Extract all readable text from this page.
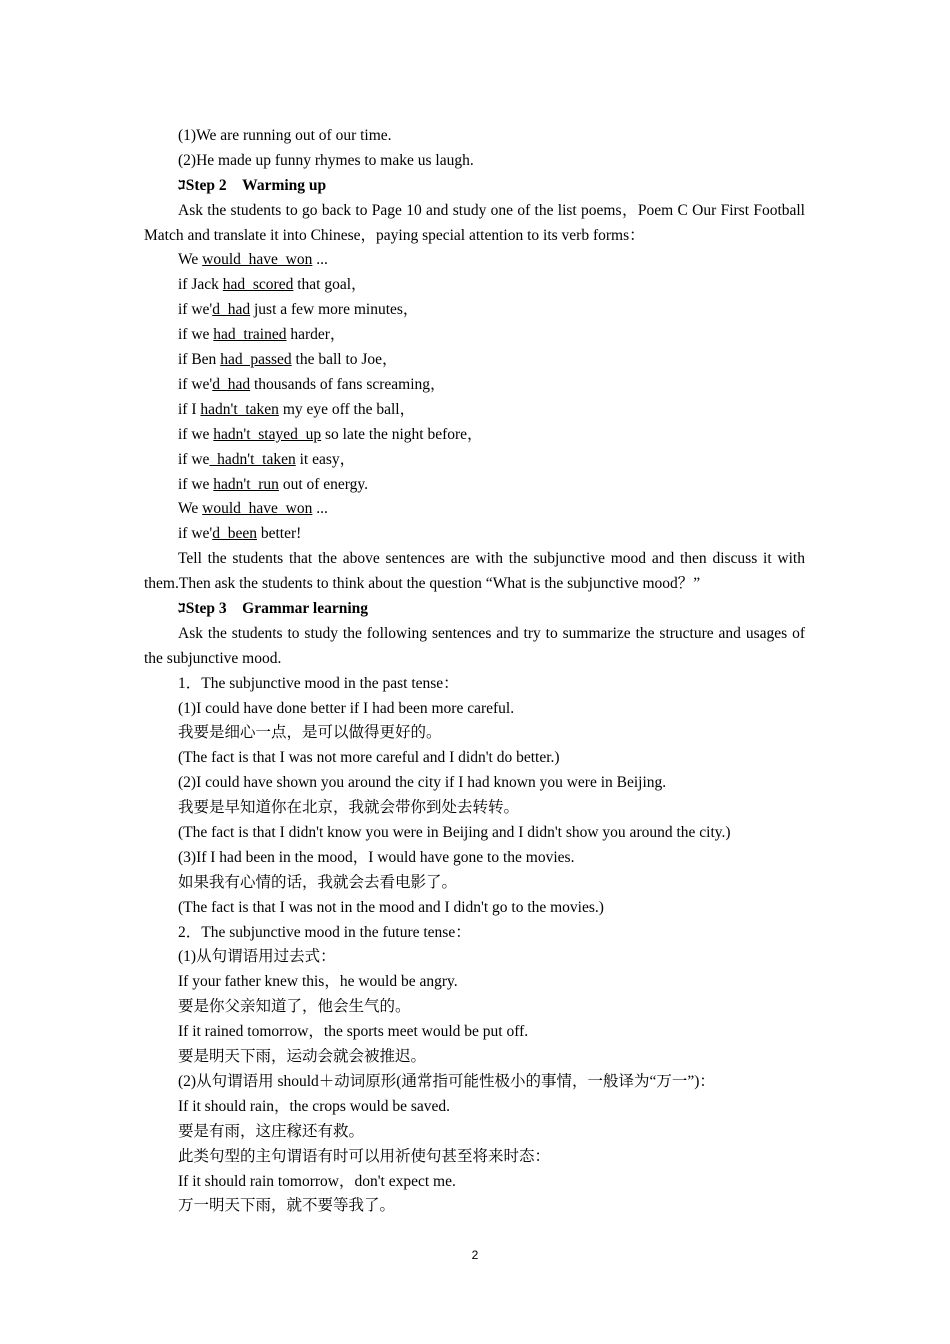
(1)We are running out of our time.
(2)He made up funny rhymes to make us laugh.
ｺStep 2　Warming up
Ask the students to go back to Page 10 and study one of the list poems，Poem C Our First Football Match and translate it into Chinese，paying special attention to its verb forms：
We would  have  won ...
if Jack had  scored that goal，
if we'd  had just a few more minutes，
if we had  trained harder，
if Ben had  passed the ball to Joe，
if we'd  had thousands of fans screaming，
if I hadn't  taken my eye off the ball，
if we hadn't  stayed  up so late the night before，
if we  hadn't  taken it easy，
if we hadn't  run out of energy.
We would  have  won ...
if we'd  been better!
Tell the students that the above sentences are with the subjunctive mood and then discuss it with them.Then ask the students to think about the question “What is the subjunctive mood？”
ｺStep 3　Grammar learning
Ask the students to study the following sentences and try to summarize the structure and usages of the subjunctive mood.
1．The subjunctive mood in the past tense：
(1)I could have done better if I had been more careful.
我要是细心一点，是可以做得更好的。
(The fact is that I was not more careful and I didn't do better.)
(2)I could have shown you around the city if I had known you were in Beijing.
我要是早知道你在北京，我就会带你到处去转转。
(The fact is that I didn't know you were in Beijing and I didn't show you around the city.)
(3)If I had been in the mood，I would have gone to the movies.
如果我有心情的话，我就会去看电影了。
(The fact is that I was not in the mood and I didn't go to the movies.)
2．The subjunctive mood in the future tense：
(1)从句谓语用过去式：
If your father knew this，he would be angry.
要是你父亲知道了，他会生气的。
If it rained tomorrow，the sports meet would be put off.
要是明天下雨，运动会就会被推迟。
(2)从句谓语用 should＋动词原形(通常指可能性极小的事情，一般译为“万一”)：
If it should rain，the crops would be saved.
要是有雨，这庄稼还有救。
此类句型的主句谓语有时可以用祈使句甚至将来时态：
If it should rain tomorrow，don't expect me.
万一明天下雨，就不要等我了。
2
